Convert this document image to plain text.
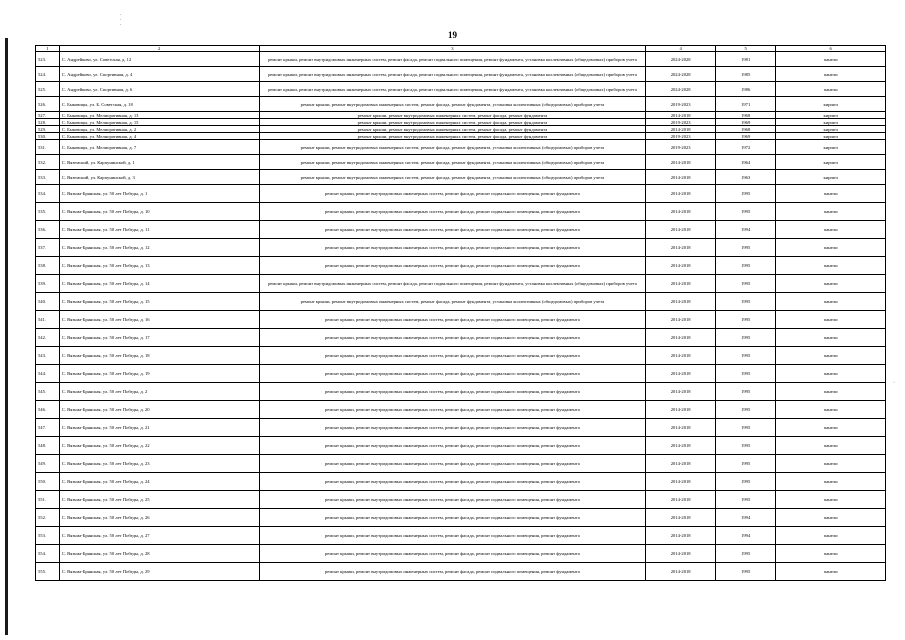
.
.
.
·
19
1	2	3	4	5	6
523.	С. Андрейково, ул. Советская, д. 12	ремонт крыши, ремонт внутридомовых инженерных систем, ремонт фасада, ремонт подвального помещения, ремонт фундамента, установка коллективных (общедомовых) приборов учета	2024-2028	1981	панели
524.	С. Андрейково, ул. Спортивная, д. 4	ремонт крыши, ремонт внутридомовых инженерных систем, ремонт фасада, ремонт подвального помещения, ремонт фундамента, установка коллективных (общедомовых) приборов учета	2024-2028	1985	панели
525.	С. Андрейково, ул. Спортивная, д. 6	ремонт крыши, ремонт внутридомовых инженерных систем, ремонт фасада, ремонт подвального помещения, ремонт фундамента, установка коллективных (общедомовых) приборов учета	2024-2028	1986	панели
526.	С. Быковицы, ул. Б. Советская, д. 18	ремонт крыши, ремонт внутридомовых инженерных систем, ремонт фасада, ремонт фундамента, установка коллективных (общедомовых) приборов учета	2019-2023	1971	кирпич
527.	С. Быковицы, ул. Мелиоративная, д. 13	ремонт крыши, ремонт внутридомовых инженерных систем, ремонт фасада, ремонт фундамента	2014-2018	1968	кирпич
528.	С. Быковицы, ул. Мелиоративная, д. 15	ремонт крыши, ремонт внутридомовых инженерных систем, ремонт фасада, ремонт фундамента	2019-2023	1969	кирпич
529.	С. Быковицы, ул. Мелиоративная, д. 2	ремонт крыши, ремонт внутридомовых инженерных систем, ремонт фасада, ремонт фундамента	2014-2018	1968	кирпич
530.	С. Быковицы, ул. Мелиоративная, д. 4	ремонт крыши, ремонт внутридомовых инженерных систем, ремонт фасада, ремонт фундамента	2019-2023	1969	кирпич
531.	С. Быковицы, ул. Мелиоративная, д. 7	ремонт крыши, ремонт внутридомовых инженерных систем, ремонт фасада, ремонт фундамента, установка коллективных (общедомовых) приборов учета	2019-2023	1972	кирпич
532.	С. Вяземский, ул. Карпунинской, д. 1	ремонт крыши, ремонт внутридомовых инженерных систем, ремонт фасада, ремонт фундамента, установка коллективных (общедомовых) приборов учета	2014-2018	1964	кирпич
533.	С. Вяземский, ул. Карпунинской, д. 3	ремонт крыши, ремонт внутридомовых инженерных систем, ремонт фасада, ремонт фундамента, установка коллективных (общедомовых) приборов учета	2014-2018	1963	кирпич
534.	С. Вязьма-Брянская, ул. 50 лет Победы, д. 1	ремонт крыши, ремонт внутридомовых инженерных систем, ремонт фасада, ремонт подвального помещения, ремонт фундамента	2014-2018	1995	панели
535.	С. Вязьма-Брянская, ул. 50 лет Победы, д. 10	ремонт крыши, ремонт внутридомовых инженерных систем, ремонт фасада, ремонт подвального помещения, ремонт фундамента	2014-2018	1995	панели
536.	С. Вязьма-Брянская, ул. 50 лет Победы, д. 11	ремонт крыши, ремонт внутридомовых инженерных систем, ремонт фасада, ремонт подвального помещения, ремонт фундамента	2014-2018	1994	панели
537.	С. Вязьма-Брянская, ул. 50 лет Победы, д. 12	ремонт крыши, ремонт внутридомовых инженерных систем, ремонт фасада, ремонт подвального помещения, ремонт фундамента	2014-2018	1995	панели
538.	С. Вязьма-Брянская, ул. 50 лет Победы, д. 13	ремонт крыши, ремонт внутридомовых инженерных систем, ремонт фасада, ремонт подвального помещения, ремонт фундамента	2014-2018	1995	панели
539.	С. Вязьма-Брянская, ул. 50 лет Победы, д. 14	ремонт крыши, ремонт внутридомовых инженерных систем, ремонт фасада, ремонт подвального помещения, ремонт фундамента, установка коллективных (общедомовых) приборов учета	2014-2018	1995	панели
540.	С. Вязьма-Брянская, ул. 50 лет Победы, д. 15	ремонт крыши, ремонт внутридомовых инженерных систем, ремонт фасада, ремонт фундамента, установка коллективных (общедомовых) приборов учета	2014-2018	1995	панели
541.	С. Вязьма-Брянская, ул. 50 лет Победы, д. 16	ремонт крыши, ремонт внутридомовых инженерных систем, ремонт фасада, ремонт подвального помещения, ремонт фундамента	2014-2018	1995	панели
542.	С. Вязьма-Брянская, ул. 50 лет Победы, д. 17	ремонт крыши, ремонт внутридомовых инженерных систем, ремонт фасада, ремонт подвального помещения, ремонт фундамента	2014-2018	1995	панели
543.	С. Вязьма-Брянская, ул. 50 лет Победы, д. 18	ремонт крыши, ремонт внутридомовых инженерных систем, ремонт фасада, ремонт подвального помещения, ремонт фундамента	2014-2018	1995	панели
544.	С. Вязьма-Брянская, ул. 50 лет Победы, д. 19	ремонт крыши, ремонт внутридомовых инженерных систем, ремонт фасада, ремонт подвального помещения, ремонт фундамента	2014-2018	1995	панели
545.	С. Вязьма-Брянская, ул. 50 лет Победы, д. 2	ремонт крыши, ремонт внутридомовых инженерных систем, ремонт фасада, ремонт подвального помещения, ремонт фундамента	2014-2018	1995	панели
546.	С. Вязьма-Брянская, ул. 50 лет Победы, д. 20	ремонт крыши, ремонт внутридомовых инженерных систем, ремонт фасада, ремонт подвального помещения, ремонт фундамента	2014-2018	1995	панели
547.	С. Вязьма-Брянская, ул. 50 лет Победы, д. 21	ремонт крыши, ремонт внутридомовых инженерных систем, ремонт фасада, ремонт подвального помещения, ремонт фундамента	2014-2018	1995	панели
548.	С. Вязьма-Брянская, ул. 50 лет Победы, д. 22	ремонт крыши, ремонт внутридомовых инженерных систем, ремонт фасада, ремонт подвального помещения, ремонт фундамента	2014-2018	1995	панели
549.	С. Вязьма-Брянская, ул. 50 лет Победы, д. 23	ремонт крыши, ремонт внутридомовых инженерных систем, ремонт фасада, ремонт подвального помещения, ремонт фундамента	2014-2018	1995	панели
550.	С. Вязьма-Брянская, ул. 50 лет Победы, д. 24	ремонт крыши, ремонт внутридомовых инженерных систем, ремонт фасада, ремонт подвального помещения, ремонт фундамента	2014-2018	1995	панели
551.	С. Вязьма-Брянская, ул. 50 лет Победы, д. 25	ремонт крыши, ремонт внутридомовых инженерных систем, ремонт фасада, ремонт подвального помещения, ремонт фундамента	2014-2018	1995	панели
552.	С. Вязьма-Брянская, ул. 50 лет Победы, д. 26	ремонт крыши, ремонт внутридомовых инженерных систем, ремонт фасада, ремонт подвального помещения, ремонт фундамента	2014-2018	1994	панели
553.	С. Вязьма-Брянская, ул. 50 лет Победы, д. 27	ремонт крыши, ремонт внутридомовых инженерных систем, ремонт фасада, ремонт подвального помещения, ремонт фундамента	2014-2018	1994	панели
554.	С. Вязьма-Брянская, ул. 50 лет Победы, д. 28	ремонт крыши, ремонт внутридомовых инженерных систем, ремонт фасада, ремонт подвального помещения, ремонт фундамента	2014-2018	1995	панели
555.	С. Вязьма-Брянская, ул. 50 лет Победы, д. 29	ремонт крыши, ремонт внутридомовых инженерных систем, ремонт фасада, ремонт подвального помещения, ремонт фундамента	2014-2018	1995	панели
